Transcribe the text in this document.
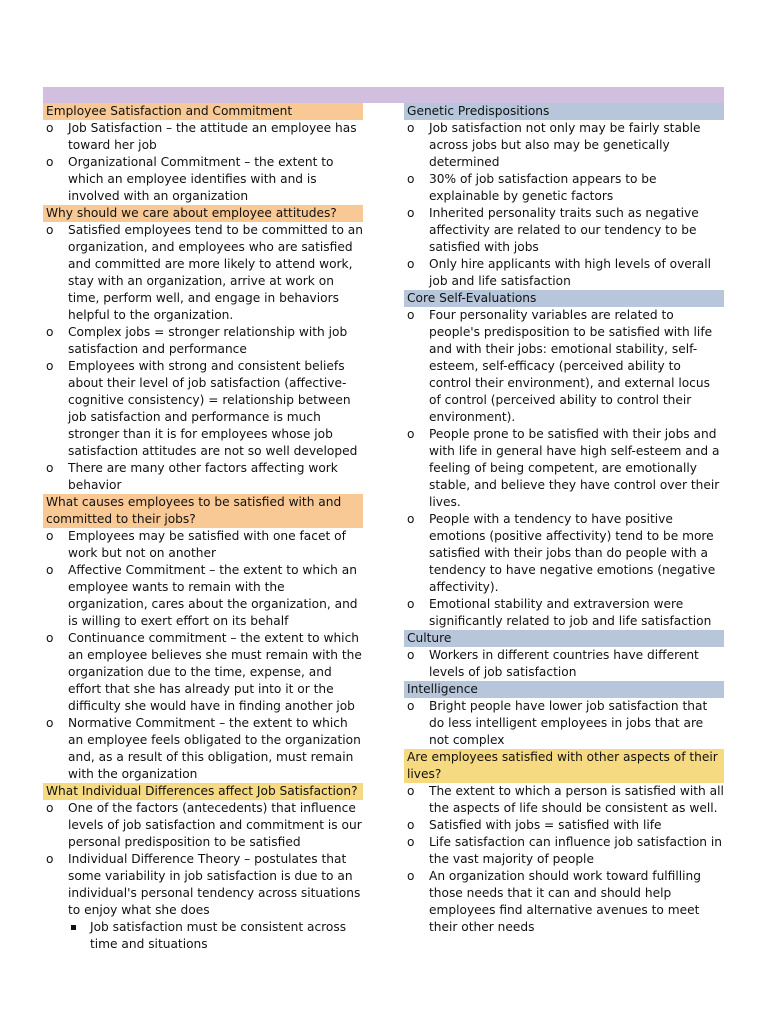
Employee Satisfaction and Commitment
o Job Satisfaction – the attitude an employee has toward her job
o Organizational Commitment – the extent to which an employee identifies with and is involved with an organization
Why should we care about employee attitudes?
o Satisfied employees tend to be committed to an organization, and employees who are satisfied and committed are more likely to attend work, stay with an organization, arrive at work on time, perform well, and engage in behaviors helpful to the organization.
o Complex jobs = stronger relationship with job satisfaction and performance
o Employees with strong and consistent beliefs about their level of job satisfaction (affective-cognitive consistency) = relationship between job satisfaction and performance is much stronger than it is for employees whose job satisfaction attitudes are not so well developed
o There are many other factors affecting work behavior
What causes employees to be satisfied with and committed to their jobs?
o Employees may be satisfied with one facet of work but not on another
o Affective Commitment – the extent to which an employee wants to remain with the organization, cares about the organization, and is willing to exert effort on its behalf
o Continuance commitment – the extent to which an employee believes she must remain with the organization due to the time, expense, and effort that she has already put into it or the difficulty she would have in finding another job
o Normative Commitment – the extent to which an employee feels obligated to the organization and, as a result of this obligation, must remain with the organization
What Individual Differences affect Job Satisfaction?
o One of the factors (antecedents) that influence levels of job satisfaction and commitment is our personal predisposition to be satisfied
o Individual Difference Theory – postulates that some variability in job satisfaction is due to an individual's personal tendency across situations to enjoy what she does
Job satisfaction must be consistent across time and situations
Genetic Predispositions
o Job satisfaction not only may be fairly stable across jobs but also may be genetically determined
o 30% of job satisfaction appears to be explainable by genetic factors
o Inherited personality traits such as negative affectivity are related to our tendency to be satisfied with jobs
o Only hire applicants with high levels of overall job and life satisfaction
Core Self-Evaluations
o Four personality variables are related to people's predisposition to be satisfied with life and with their jobs: emotional stability, self-esteem, self-efficacy (perceived ability to control their environment), and external locus of control (perceived ability to control their environment).
o People prone to be satisfied with their jobs and with life in general have high self-esteem and a feeling of being competent, are emotionally stable, and believe they have control over their lives.
o People with a tendency to have positive emotions (positive affectivity) tend to be more satisfied with their jobs than do people with a tendency to have negative emotions (negative affectivity).
o Emotional stability and extraversion were significantly related to job and life satisfaction
Culture
o Workers in different countries have different levels of job satisfaction
Intelligence
o Bright people have lower job satisfaction that do less intelligent employees in jobs that are not complex
Are employees satisfied with other aspects of their lives?
o The extent to which a person is satisfied with all the aspects of life should be consistent as well.
o Satisfied with jobs = satisfied with life
o Life satisfaction can influence job satisfaction in the vast majority of people
o An organization should work toward fulfilling those needs that it can and should help employees find alternative avenues to meet their other needs
